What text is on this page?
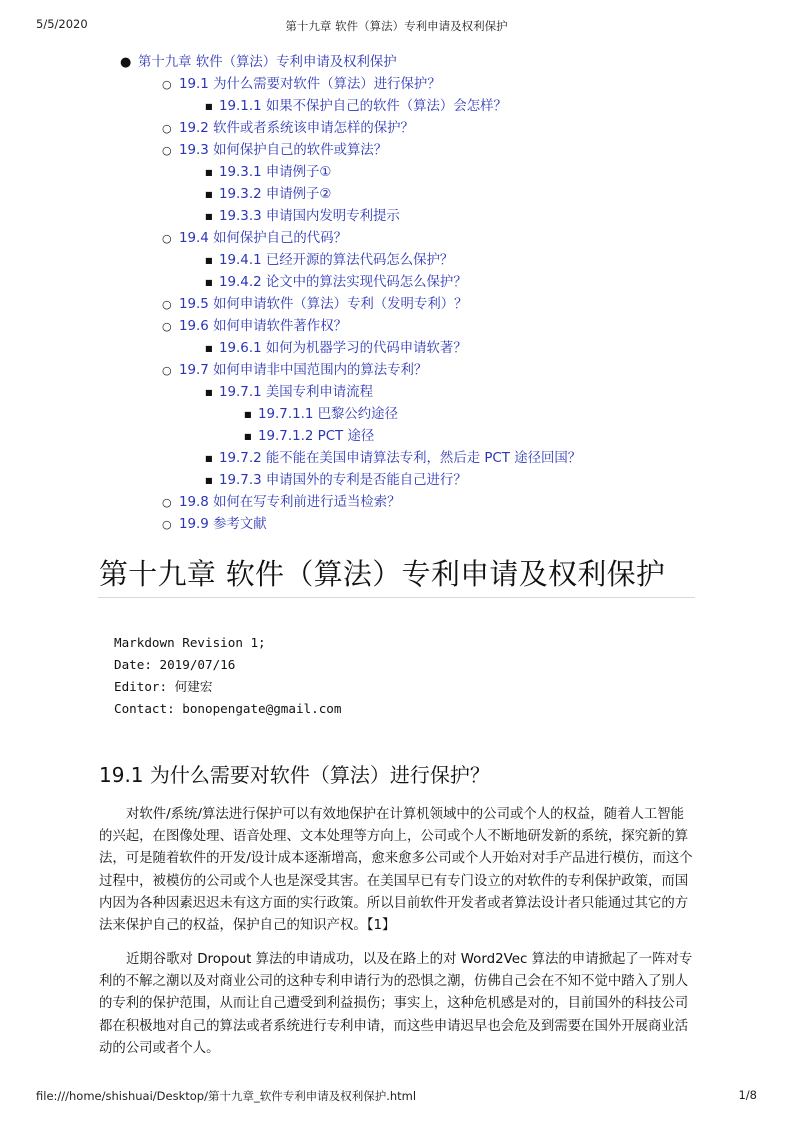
5/5/2020	第十九章 软件（算法）专利申请及权利保护
● 第十九章 软件（算法）专利申请及权利保护
○ 19.1 为什么需要对软件（算法）进行保护？
■ 19.1.1 如果不保护自己的软件（算法）会怎样？
○ 19.2 软件或者系统该申请怎样的保护？
○ 19.3 如何保护自己的软件或算法？
■ 19.3.1 申请例子①
■ 19.3.2 申请例子②
■ 19.3.3 申请国内发明专利提示
○ 19.4 如何保护自己的代码？
■ 19.4.1 已经开源的算法代码怎么保护？
■ 19.4.2 论文中的算法实现代码怎么保护？
○ 19.5 如何申请软件（算法）专利（发明专利）？
○ 19.6 如何申请软件著作权？
■ 19.6.1 如何为机器学习的代码申请软著？
○ 19.7 如何申请非中国范围内的算法专利？
■ 19.7.1 美国专利申请流程
■ 19.7.1.1 巴黎公约途径
■ 19.7.1.2 PCT 途径
■ 19.7.2 能不能在美国申请算法专利，然后走 PCT 途径回国？
■ 19.7.3 申请国外的专利是否能自己进行？
○ 19.8 如何在写专利前进行适当检索？
○ 19.9 参考文献
第十九章 软件（算法）专利申请及权利保护
Markdown Revision 1;
Date: 2019/07/16
Editor: 何建宏
Contact: bonopengate@gmail.com
19.1 为什么需要对软件（算法）进行保护？

对软件/系统/算法进行保护可以有效地保护在计算机领域中的公司或个人的权益，随着人工智能的兴起，在图像处理、语音处理、文本处理等方向上，公司或个人不断地研发新的系统，探究新的算法，可是随着软件的开发/设计成本逐渐增高，愈来愈多公司或个人开始对对手产品进行模仿，而这个过程中，被模仿的公司或个人也是深受其害。在美国早已有专门设立的对软件的专利保护政策，而国内因为各种因素迟迟未有这方面的实行政策。所以目前软件开发者或者算法设计者只能通过其它的方法来保护自己的权益，保护自己的知识产权。【1】

近期谷歌对 Dropout 算法的申请成功，以及在路上的对 Word2Vec 算法的申请掀起了一阵对专利的不解之潮以及对商业公司的这种专利申请行为的恐惧之潮，仿佛自己会在不知不觉中踏入了别人的专利的保护范围，从而让自己遭受到利益损伤；事实上，这种危机感是对的，目前国外的科技公司都在积极地对自己的算法或者系统进行专利申请，而这些申请迟早也会危及到需要在国外开展商业活动的公司或者个人。

file:///home/shishuai/Desktop/第十九章_软件专利申请及权利保护.html	1/8
